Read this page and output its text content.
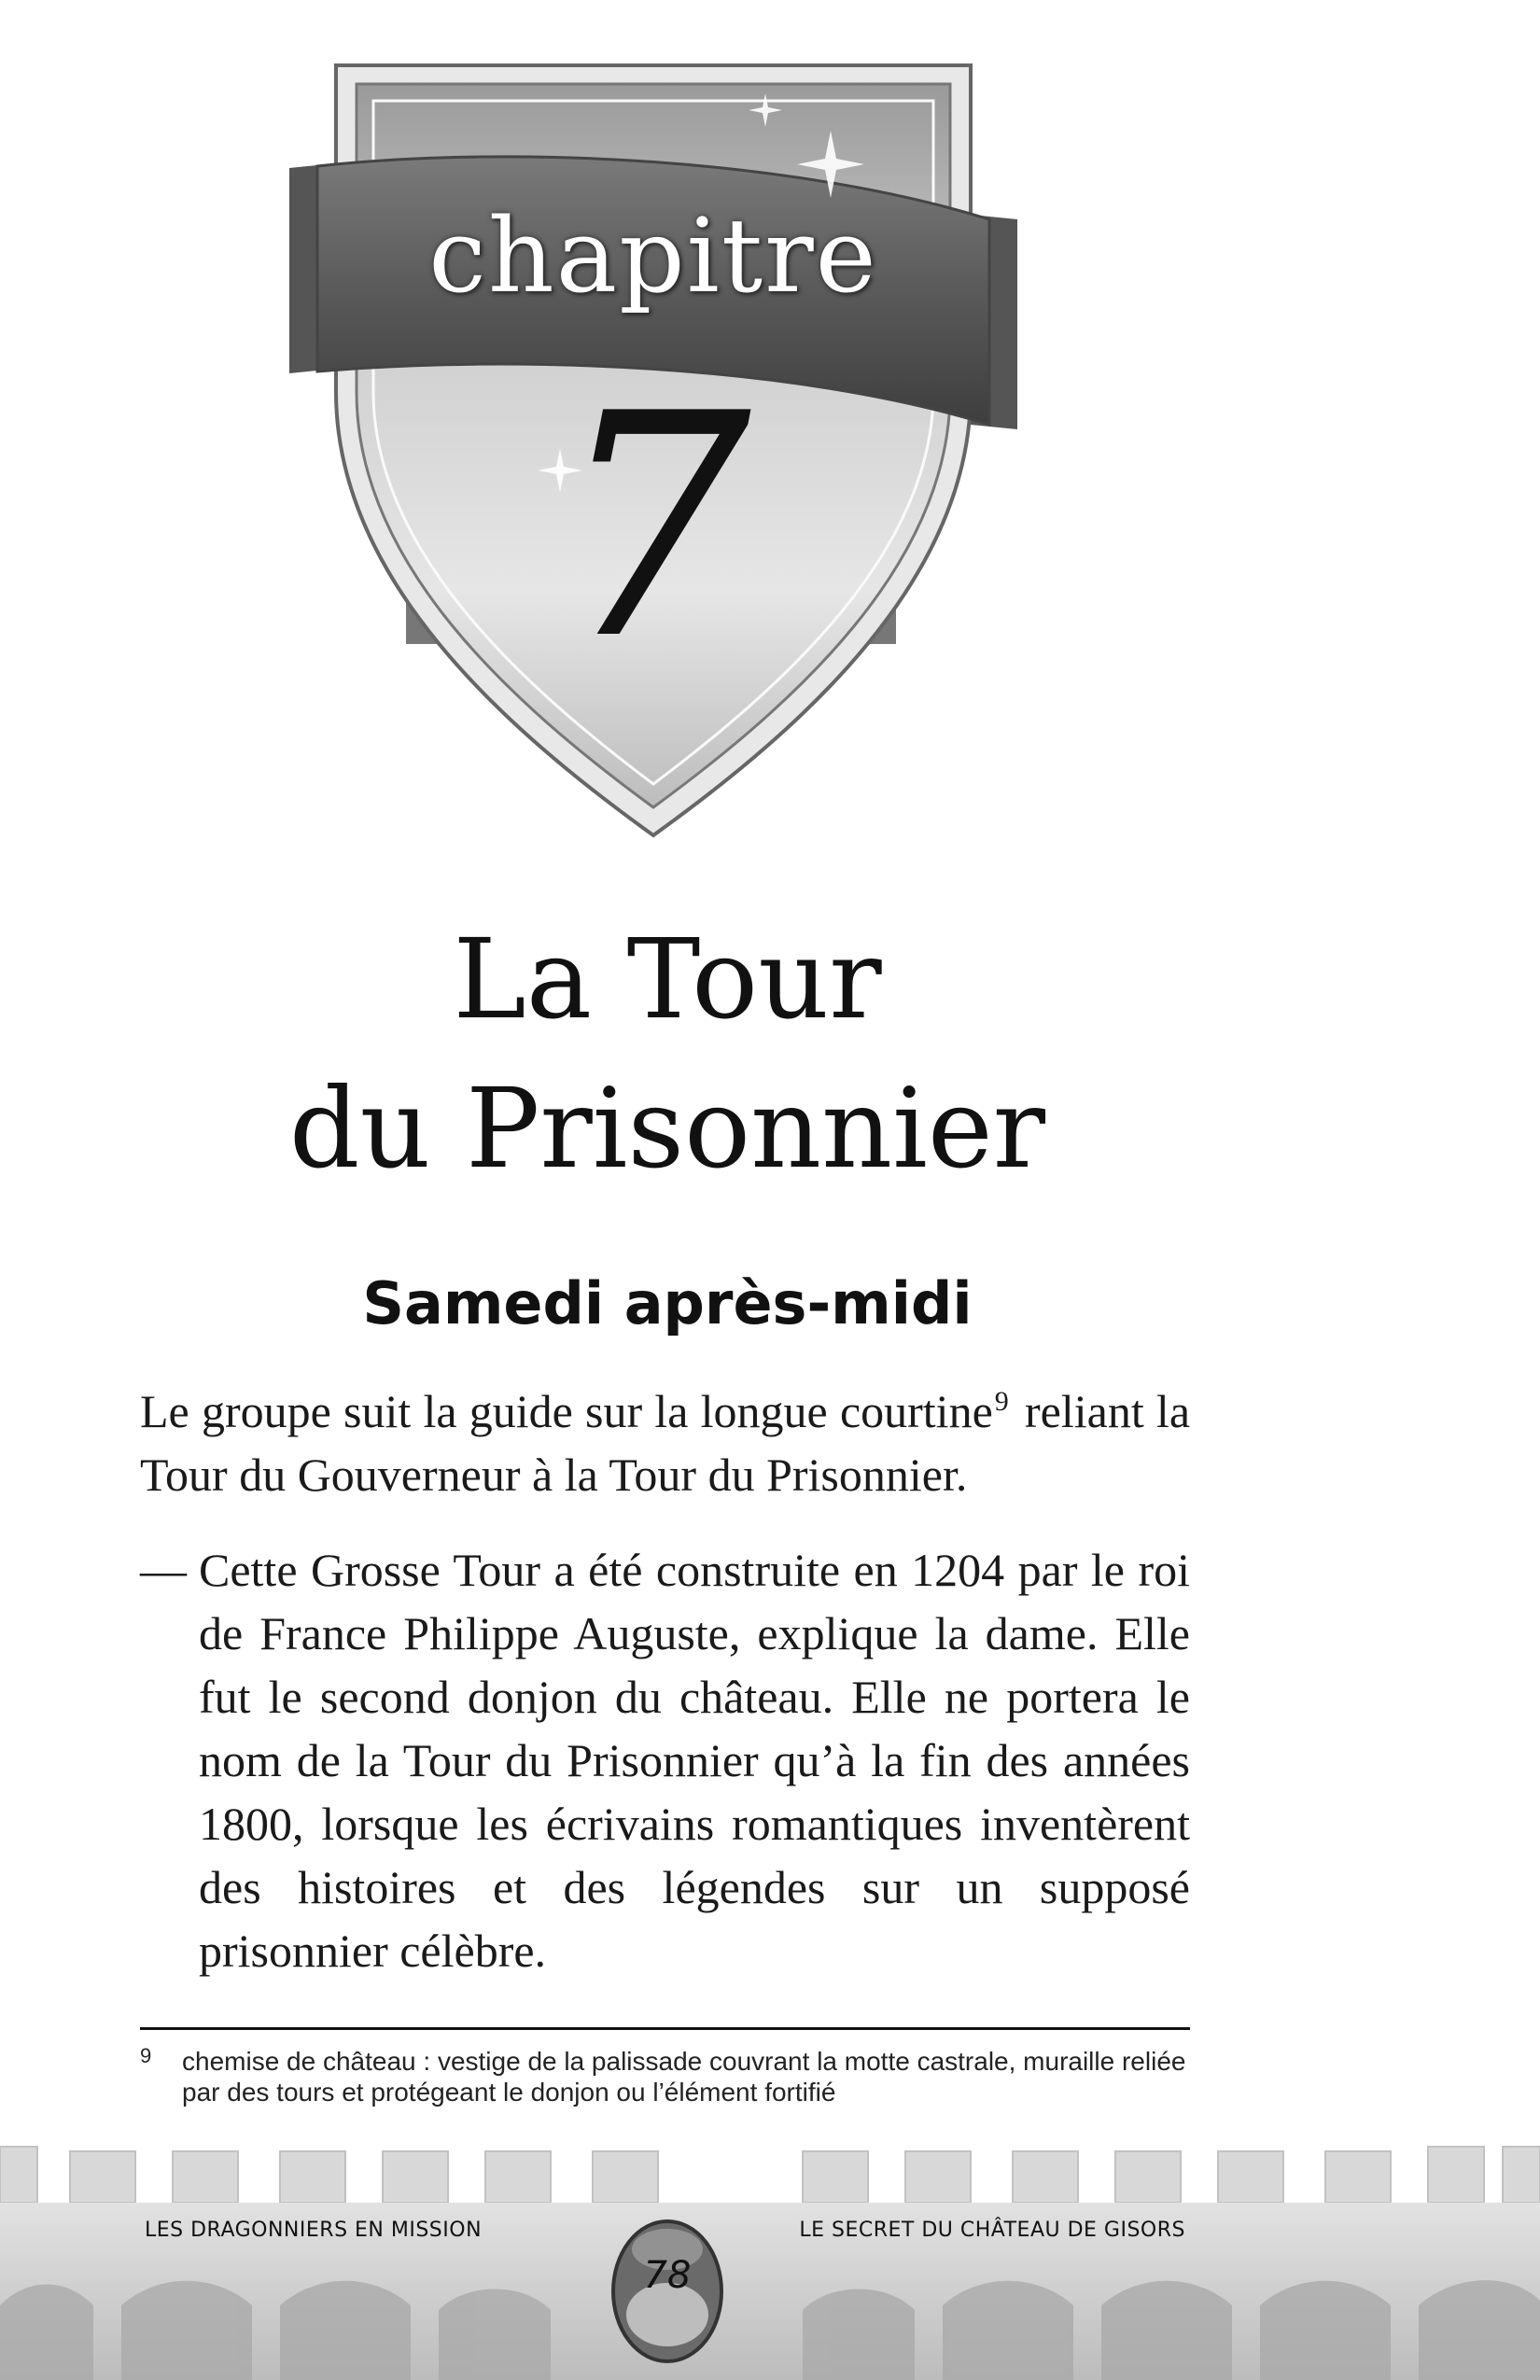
chapitre
7
La Tour
du Prisonnier
Samedi après-midi
Le groupe suit la guide sur la longue courtine$^9$ reliant la Tour du Gouverneur à la Tour du Prisonnier.
— Cette Grosse Tour a été construite en 1204 par le roi de France Philippe Auguste, explique la dame. Elle fut le second donjon du château. Elle ne portera le nom de la Tour du Prisonnier qu’à la fin des années 1800, lorsque les écrivains romantiques inventèrent des histoires et des légendes sur un supposé prisonnier célèbre.
9 chemise de château : vestige de la palissade couvrant la motte castrale, muraille reliée par des tours et protégeant le donjon ou l’élément fortifié
LES DRAGONNIERS EN MISSION
78
LE SECRET DU CHÂTEAU DE GISORS
